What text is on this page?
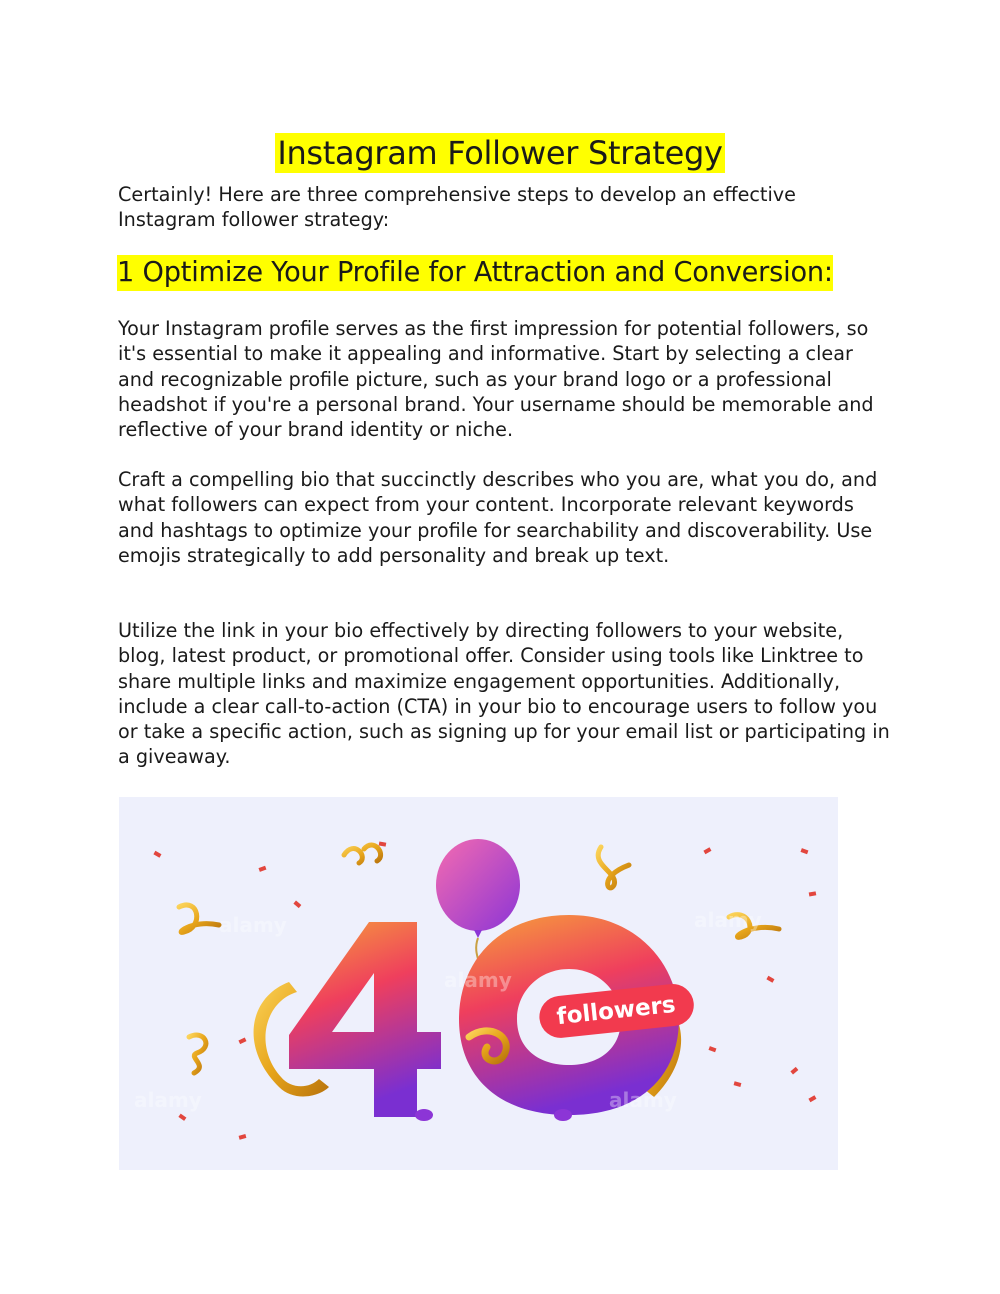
Instagram Follower Strategy

Certainly! Here are three comprehensive steps to develop an effective Instagram follower strategy:

1 Optimize Your Profile for Attraction and Conversion:

Your Instagram profile serves as the first impression for potential followers, so it's essential to make it appealing and informative. Start by selecting a clear and recognizable profile picture, such as your brand logo or a professional headshot if you're a personal brand. Your username should be memorable and reflective of your brand identity or niche.

Craft a compelling bio that succinctly describes who you are, what you do, and what followers can expect from your content. Incorporate relevant keywords and hashtags to optimize your profile for searchability and discoverability. Use emojis strategically to add personality and break up text.

Utilize the link in your bio effectively by directing followers to your website, blog, latest product, or promotional offer. Consider using tools like Linktree to share multiple links and maximize engagement opportunities. Additionally, include a clear call-to-action (CTA) in your bio to encourage users to follow you or take a specific action, such as signing up for your email list or participating in a giveaway.

followers
alamy
alamy
alamy
alamy	alamy
